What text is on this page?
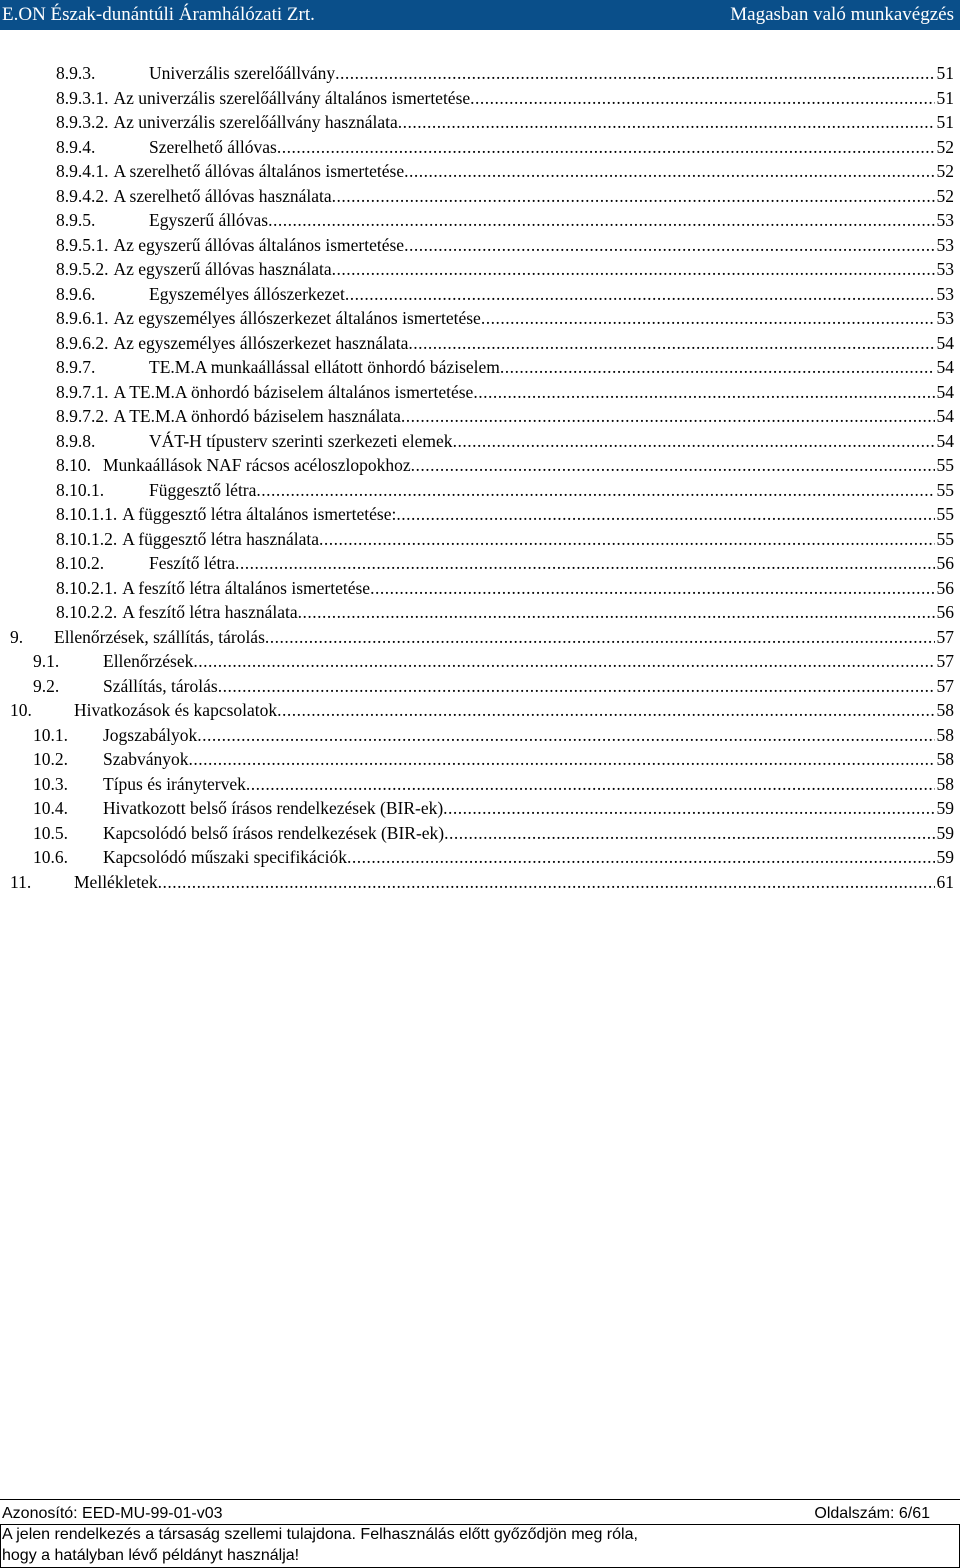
E.ON Észak-dunántúli Áramhálózati Zrt.	Magasban való munkavégzés
8.9.3.	Univerzális szerelőállvány .....	51
8.9.3.1. Az univerzális szerelőállvány általános ismertetése .....	51
8.9.3.2. Az univerzális szerelőállvány használata .....	51
8.9.4.	Szerelhető állóvas .....	52
8.9.4.1. A szerelhető állóvas általános ismertetése .....	52
8.9.4.2. A szerelhető állóvas használata .....	52
8.9.5.	Egyszerű állóvas .....	53
8.9.5.1. Az egyszerű állóvas általános ismertetése .....	53
8.9.5.2. Az egyszerű állóvas használata .....	53
8.9.6.	Egyszemélyes állószerkezet .....	53
8.9.6.1. Az egyszemélyes állószerkezet általános ismertetése .....	53
8.9.6.2. Az egyszemélyes állószerkezet használata .....	54
8.9.7.	TE.M.A munkaállással ellátott önhordó báziselem .....	54
8.9.7.1. A TE.M.A önhordó báziselem általános ismertetése .....	54
8.9.7.2. A TE.M.A önhordó báziselem használata .....	54
8.9.8.	VÁT-H típusterv szerinti szerkezeti elemek .....	54
8.10. Munkaállások NAF rácsos acéloszlopokhoz .....	55
8.10.1.	Függesztő létra .....	55
8.10.1.1. A függesztő létra általános ismertetése: .....	55
8.10.1.2. A függesztő létra használata .....	55
8.10.2.	Feszítő létra .....	56
8.10.2.1. A feszítő létra általános ismertetése .....	56
8.10.2.2. A feszítő létra használata .....	56
9.	Ellenőrzések, szállítás, tárolás .....	57
9.1.	Ellenőrzések .....	57
9.2.	Szállítás, tárolás .....	57
10.	Hivatkozások és kapcsolatok .....	58
10.1.	Jogszabályok .....	58
10.2.	Szabványok .....	58
10.3.	Típus és iránytervek .....	58
10.4.	Hivatkozott belső írásos rendelkezések (BIR-ek) .....	59
10.5.	Kapcsolódó belső írásos rendelkezések (BIR-ek) .....	59
10.6.	Kapcsolódó műszaki specifikációk .....	59
11.	Mellékletek .....	61
Azonosító: EED-MU-99-01-v03	Oldalszám: 6/61
A jelen rendelkezés a társaság szellemi tulajdona. Felhasználás előtt győződjön meg róla,
hogy a hatályban lévő példányt használja!
